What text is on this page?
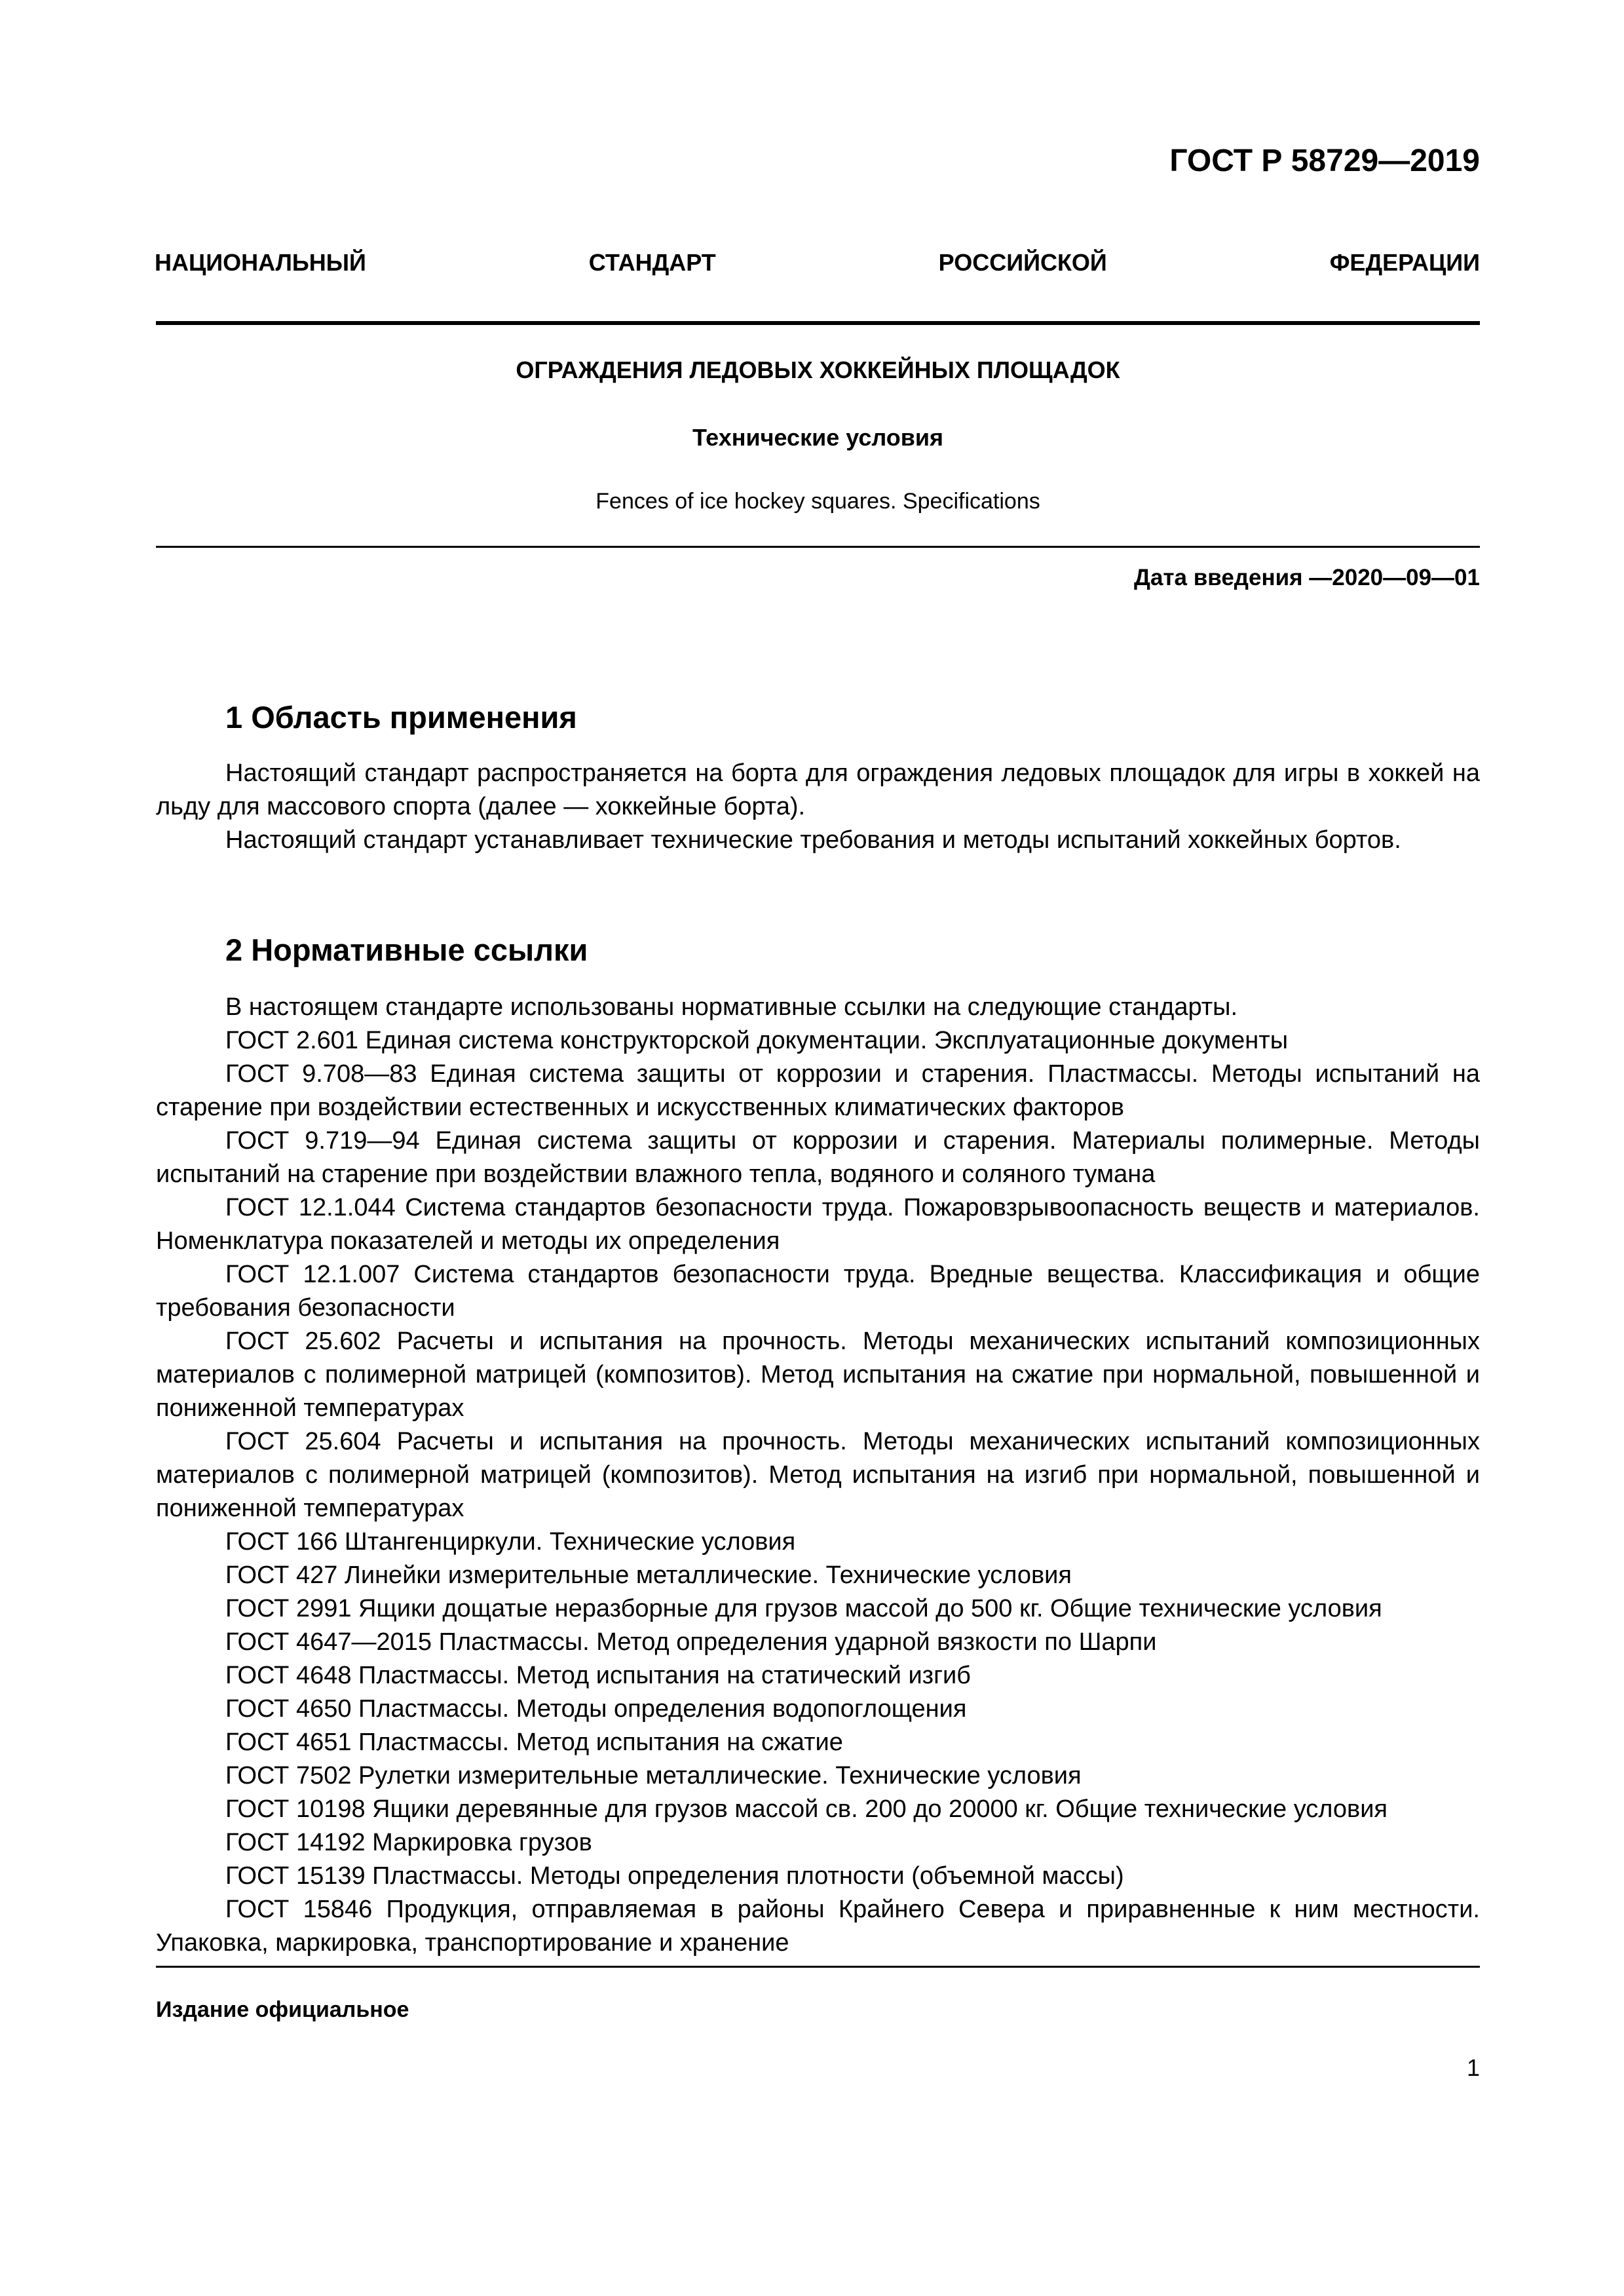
ГОСТ Р 58729—2019
НАЦИОНАЛЬНЫЙ СТАНДАРТ РОССИЙСКОЙ ФЕДЕРАЦИИ
ОГРАЖДЕНИЯ ЛЕДОВЫХ ХОККЕЙНЫХ ПЛОЩАДОК
Технические условия
Fences of ice hockey squares. Specifications
Дата введения —2020—09—01
1 Область применения

Настоящий стандарт распространяется на борта для ограждения ледовых площадок для игры в хоккей на льду для массового спорта (далее — хоккейные борта).

Настоящий стандарт устанавливает технические требования и методы испытаний хоккейных бортов.

2 Нормативные ссылки

В настоящем стандарте использованы нормативные ссылки на следующие стандарты.

ГОСТ 2.601 Единая система конструкторской документации. Эксплуатационные документы

ГОСТ 9.708—83 Единая система защиты от коррозии и старения. Пластмассы. Методы испытаний на старение при воздействии естественных и искусственных климатических факторов

ГОСТ 9.719—94 Единая система защиты от коррозии и старения. Материалы полимерные. Методы испытаний на старение при воздействии влажного тепла, водяного и соляного тумана

ГОСТ 12.1.044 Система стандартов безопасности труда. Пожаровзрывоопасность веществ и материалов. Номенклатура показателей и методы их определения

ГОСТ 12.1.007 Система стандартов безопасности труда. Вредные вещества. Классификация и общие требования безопасности

ГОСТ 25.602 Расчеты и испытания на прочность. Методы механических испытаний композиционных материалов с полимерной матрицей (композитов). Метод испытания на сжатие при нормальной, повышенной и пониженной температурах

ГОСТ 25.604 Расчеты и испытания на прочность. Методы механических испытаний композиционных материалов с полимерной матрицей (композитов). Метод испытания на изгиб при нормальной, повышенной и пониженной температурах

ГОСТ 166 Штангенциркули. Технические условия

ГОСТ 427 Линейки измерительные металлические. Технические условия

ГОСТ 2991 Ящики дощатые неразборные для грузов массой до 500 кг. Общие технические условия

ГОСТ 4647—2015 Пластмассы. Метод определения ударной вязкости по Шарпи

ГОСТ 4648 Пластмассы. Метод испытания на статический изгиб

ГОСТ 4650 Пластмассы. Методы определения водопоглощения

ГОСТ 4651 Пластмассы. Метод испытания на сжатие

ГОСТ 7502 Рулетки измерительные металлические. Технические условия

ГОСТ 10198 Ящики деревянные для грузов массой св. 200 до 20000 кг. Общие технические условия

ГОСТ 14192 Маркировка грузов

ГОСТ 15139 Пластмассы. Методы определения плотности (объемной массы)

ГОСТ 15846 Продукция, отправляемая в районы Крайнего Севера и приравненные к ним местности. Упаковка, маркировка, транспортирование и хранение

Издание официальное
1
